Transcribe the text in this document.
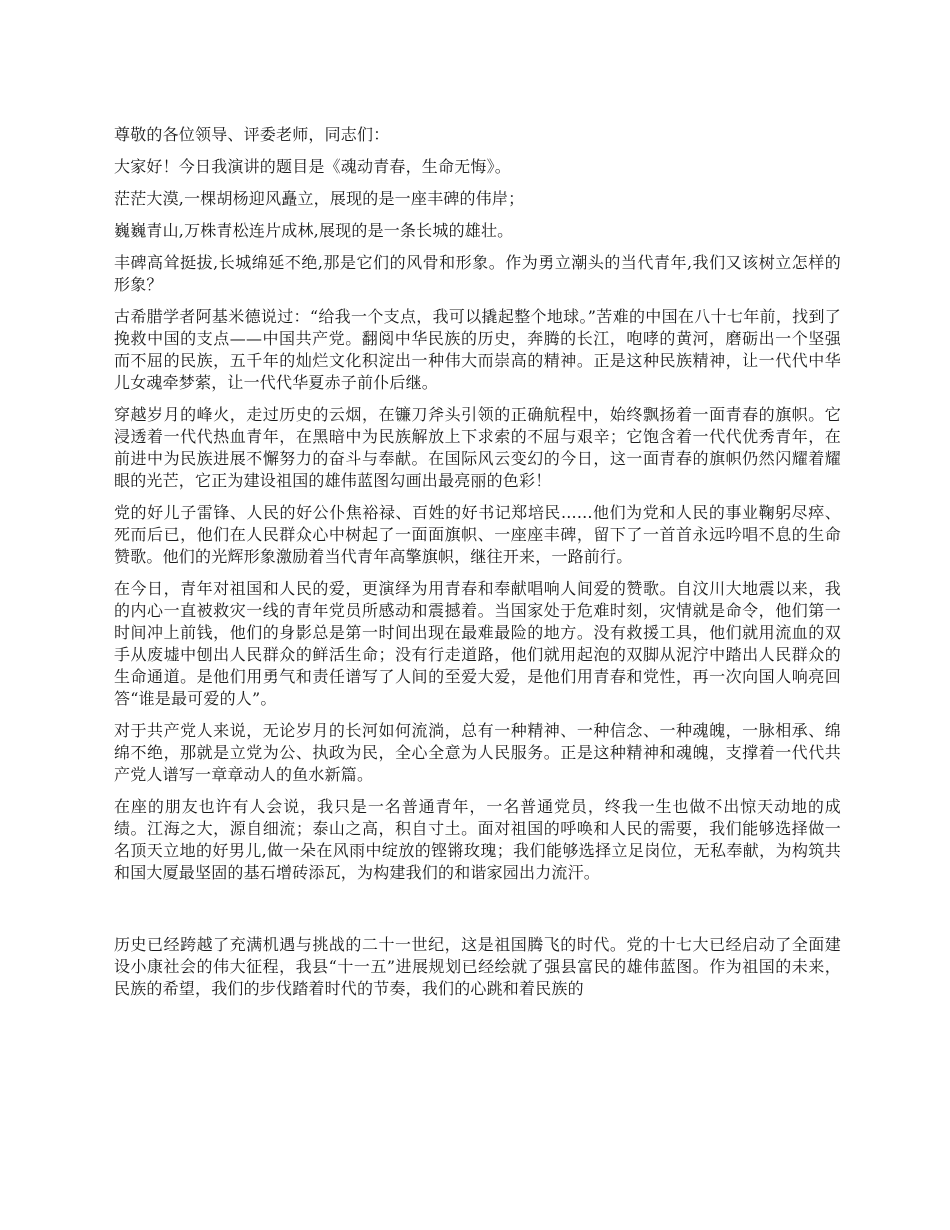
尊敬的各位领导、评委老师，同志们：

大家好！今日我演讲的题目是《魂动青春，生命无悔》。

茫茫大漠,一棵胡杨迎风矗立，展现的是一座丰碑的伟岸；

巍巍青山,万株青松连片成林,展现的是一条长城的雄壮。

丰碑高耸挺拔,长城绵延不绝,那是它们的风骨和形象。作为勇立潮头的当代青年,我们又该树立怎样的形象？

古希腊学者阿基米德说过：“给我一个支点，我可以撬起整个地球。”苦难的中国在八十七年前，找到了挽救中国的支点——中国共产党。翻阅中华民族的历史，奔腾的长江，咆哮的黄河，磨砺出一个坚强而不屈的民族，五千年的灿烂文化积淀出一种伟大而崇高的精神。正是这种民族精神，让一代代中华儿女魂牵梦萦，让一代代华夏赤子前仆后继。

穿越岁月的峰火，走过历史的云烟，在镰刀斧头引领的正确航程中，始终飘扬着一面青春的旗帜。它浸透着一代代热血青年，在黑暗中为民族解放上下求索的不屈与艰辛；它饱含着一代代优秀青年，在前进中为民族进展不懈努力的奋斗与奉献。在国际风云变幻的今日，这一面青春的旗帜仍然闪耀着耀眼的光芒，它正为建设祖国的雄伟蓝图勾画出最亮丽的色彩！

党的好儿子雷锋、人民的好公仆焦裕禄、百姓的好书记郑培民......他们为党和人民的事业鞠躬尽瘁、死而后已，他们在人民群众心中树起了一面面旗帜、一座座丰碑，留下了一首首永远吟唱不息的生命赞歌。他们的光辉形象激励着当代青年高擎旗帜，继往开来，一路前行。

在今日，青年对祖国和人民的爱，更演绎为用青春和奉献唱响人间爱的赞歌。自汶川大地震以来，我的内心一直被救灾一线的青年党员所感动和震撼着。当国家处于危难时刻，灾情就是命令，他们第一时间冲上前钱，他们的身影总是第一时间出现在最难最险的地方。没有救援工具，他们就用流血的双手从废墟中刨出人民群众的鲜活生命；没有行走道路，他们就用起泡的双脚从泥泞中踏出人民群众的生命通道。是他们用勇气和责任谱写了人间的至爱大爱，是他们用青春和党性，再一次向国人响亮回答“谁是最可爱的人”。

对于共产党人来说，无论岁月的长河如何流淌，总有一种精神、一种信念、一种魂魄，一脉相承、绵绵不绝，那就是立党为公、执政为民，全心全意为人民服务。正是这种精神和魂魄，支撑着一代代共产党人谱写一章章动人的鱼水新篇。

在座的朋友也许有人会说，我只是一名普通青年，一名普通党员，终我一生也做不出惊天动地的成绩。江海之大，源自细流；泰山之高，积自寸土。面对祖国的呼唤和人民的需要，我们能够选择做一名顶天立地的好男儿,做一朵在风雨中绽放的铿锵玫瑰；我们能够选择立足岗位，无私奉献，为构筑共和国大厦最坚固的基石增砖添瓦，为构建我们的和谐家园出力流汗。

历史已经跨越了充满机遇与挑战的二十一世纪，这是祖国腾飞的时代。党的十七大已经启动了全面建设小康社会的伟大征程，我县“十一五”进展规划已经绘就了强县富民的雄伟蓝图。作为祖国的未来，民族的希望，我们的步伐踏着时代的节奏，我们的心跳和着民族的
